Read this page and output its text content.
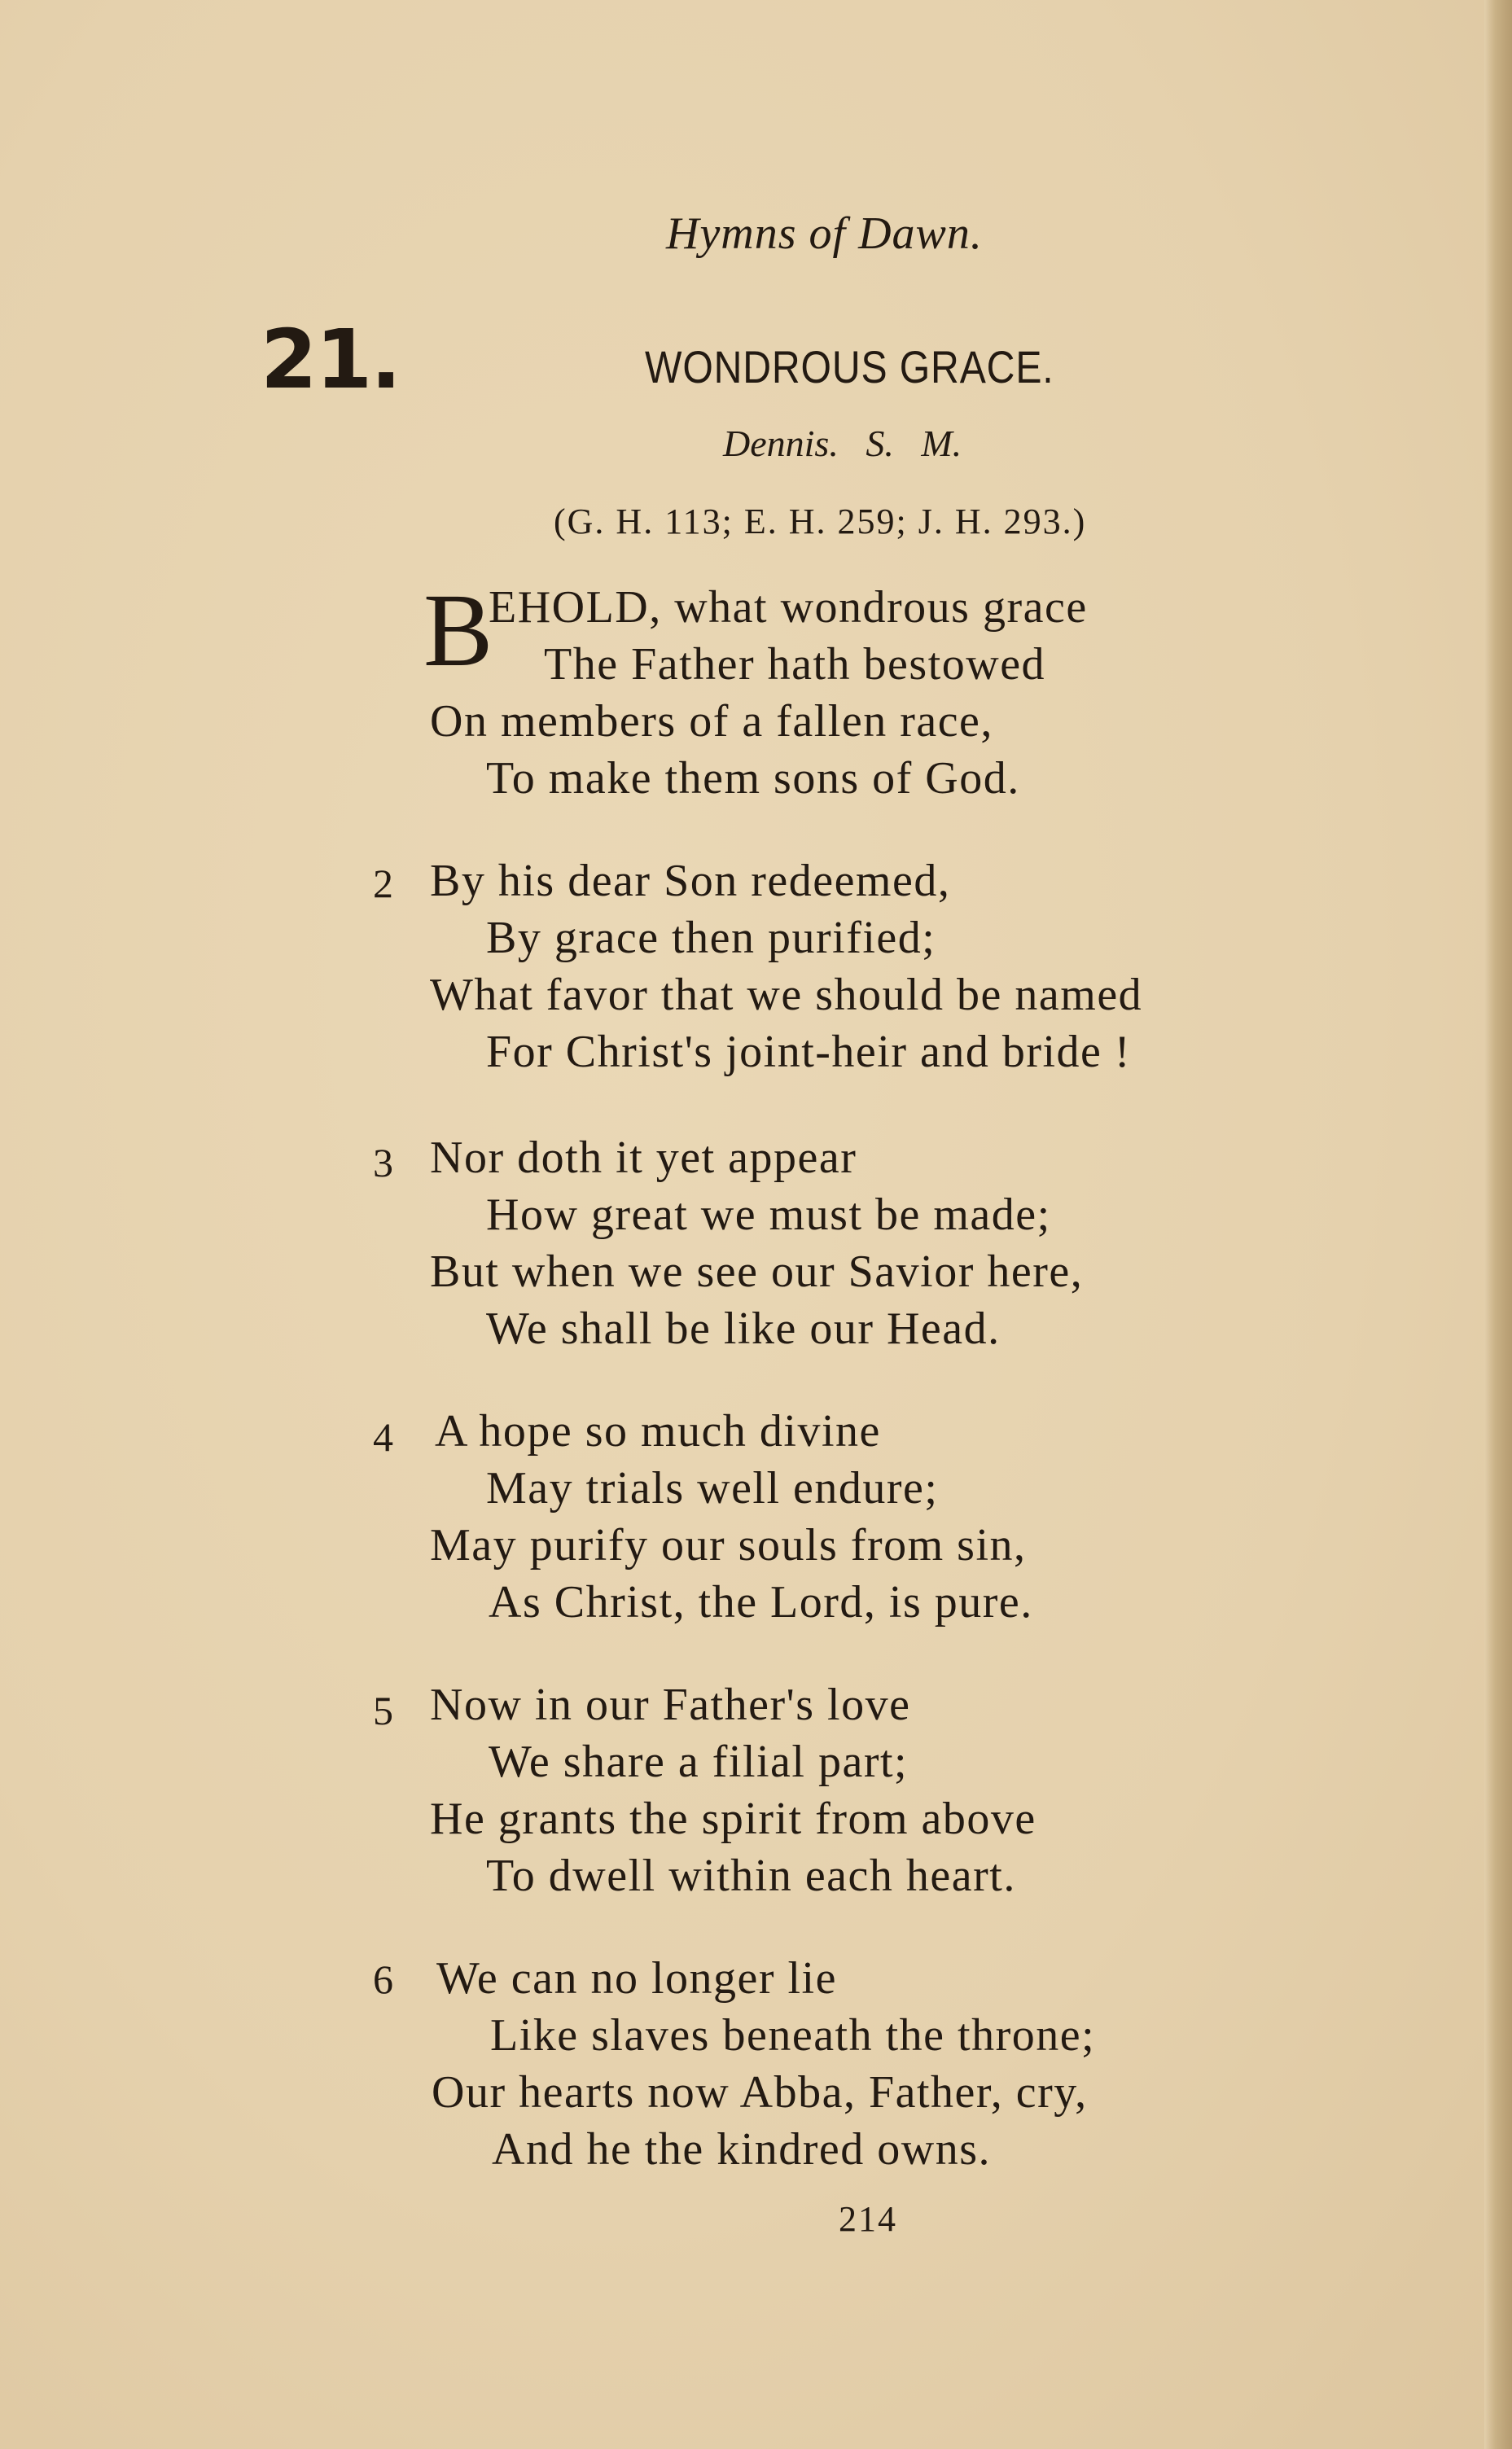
Hymns of Dawn.
21.	WONDROUS GRACE.
Dennis. S. M.
(G. H. 113; E. H. 259; J. H. 293.)
B
EHOLD, what wondrous grace
The Father hath bestowed
On members of a fallen race,
To make them sons of God.
2 By his dear Son redeemed,
By grace then purified;
What favor that we should be named
For Christ's joint-heir and bride !
3 Nor doth it yet appear
How great we must be made;
But when we see our Savior here,
We shall be like our Head.
4 A hope so much divine
May trials well endure;
May purify our souls from sin,
As Christ, the Lord, is pure.
5 Now in our Father's love
We share a filial part;
He grants the spirit from above
To dwell within each heart.
6 We can no longer lie
Like slaves beneath the throne;
Our hearts now Abba, Father, cry,
And he the kindred owns.
214
